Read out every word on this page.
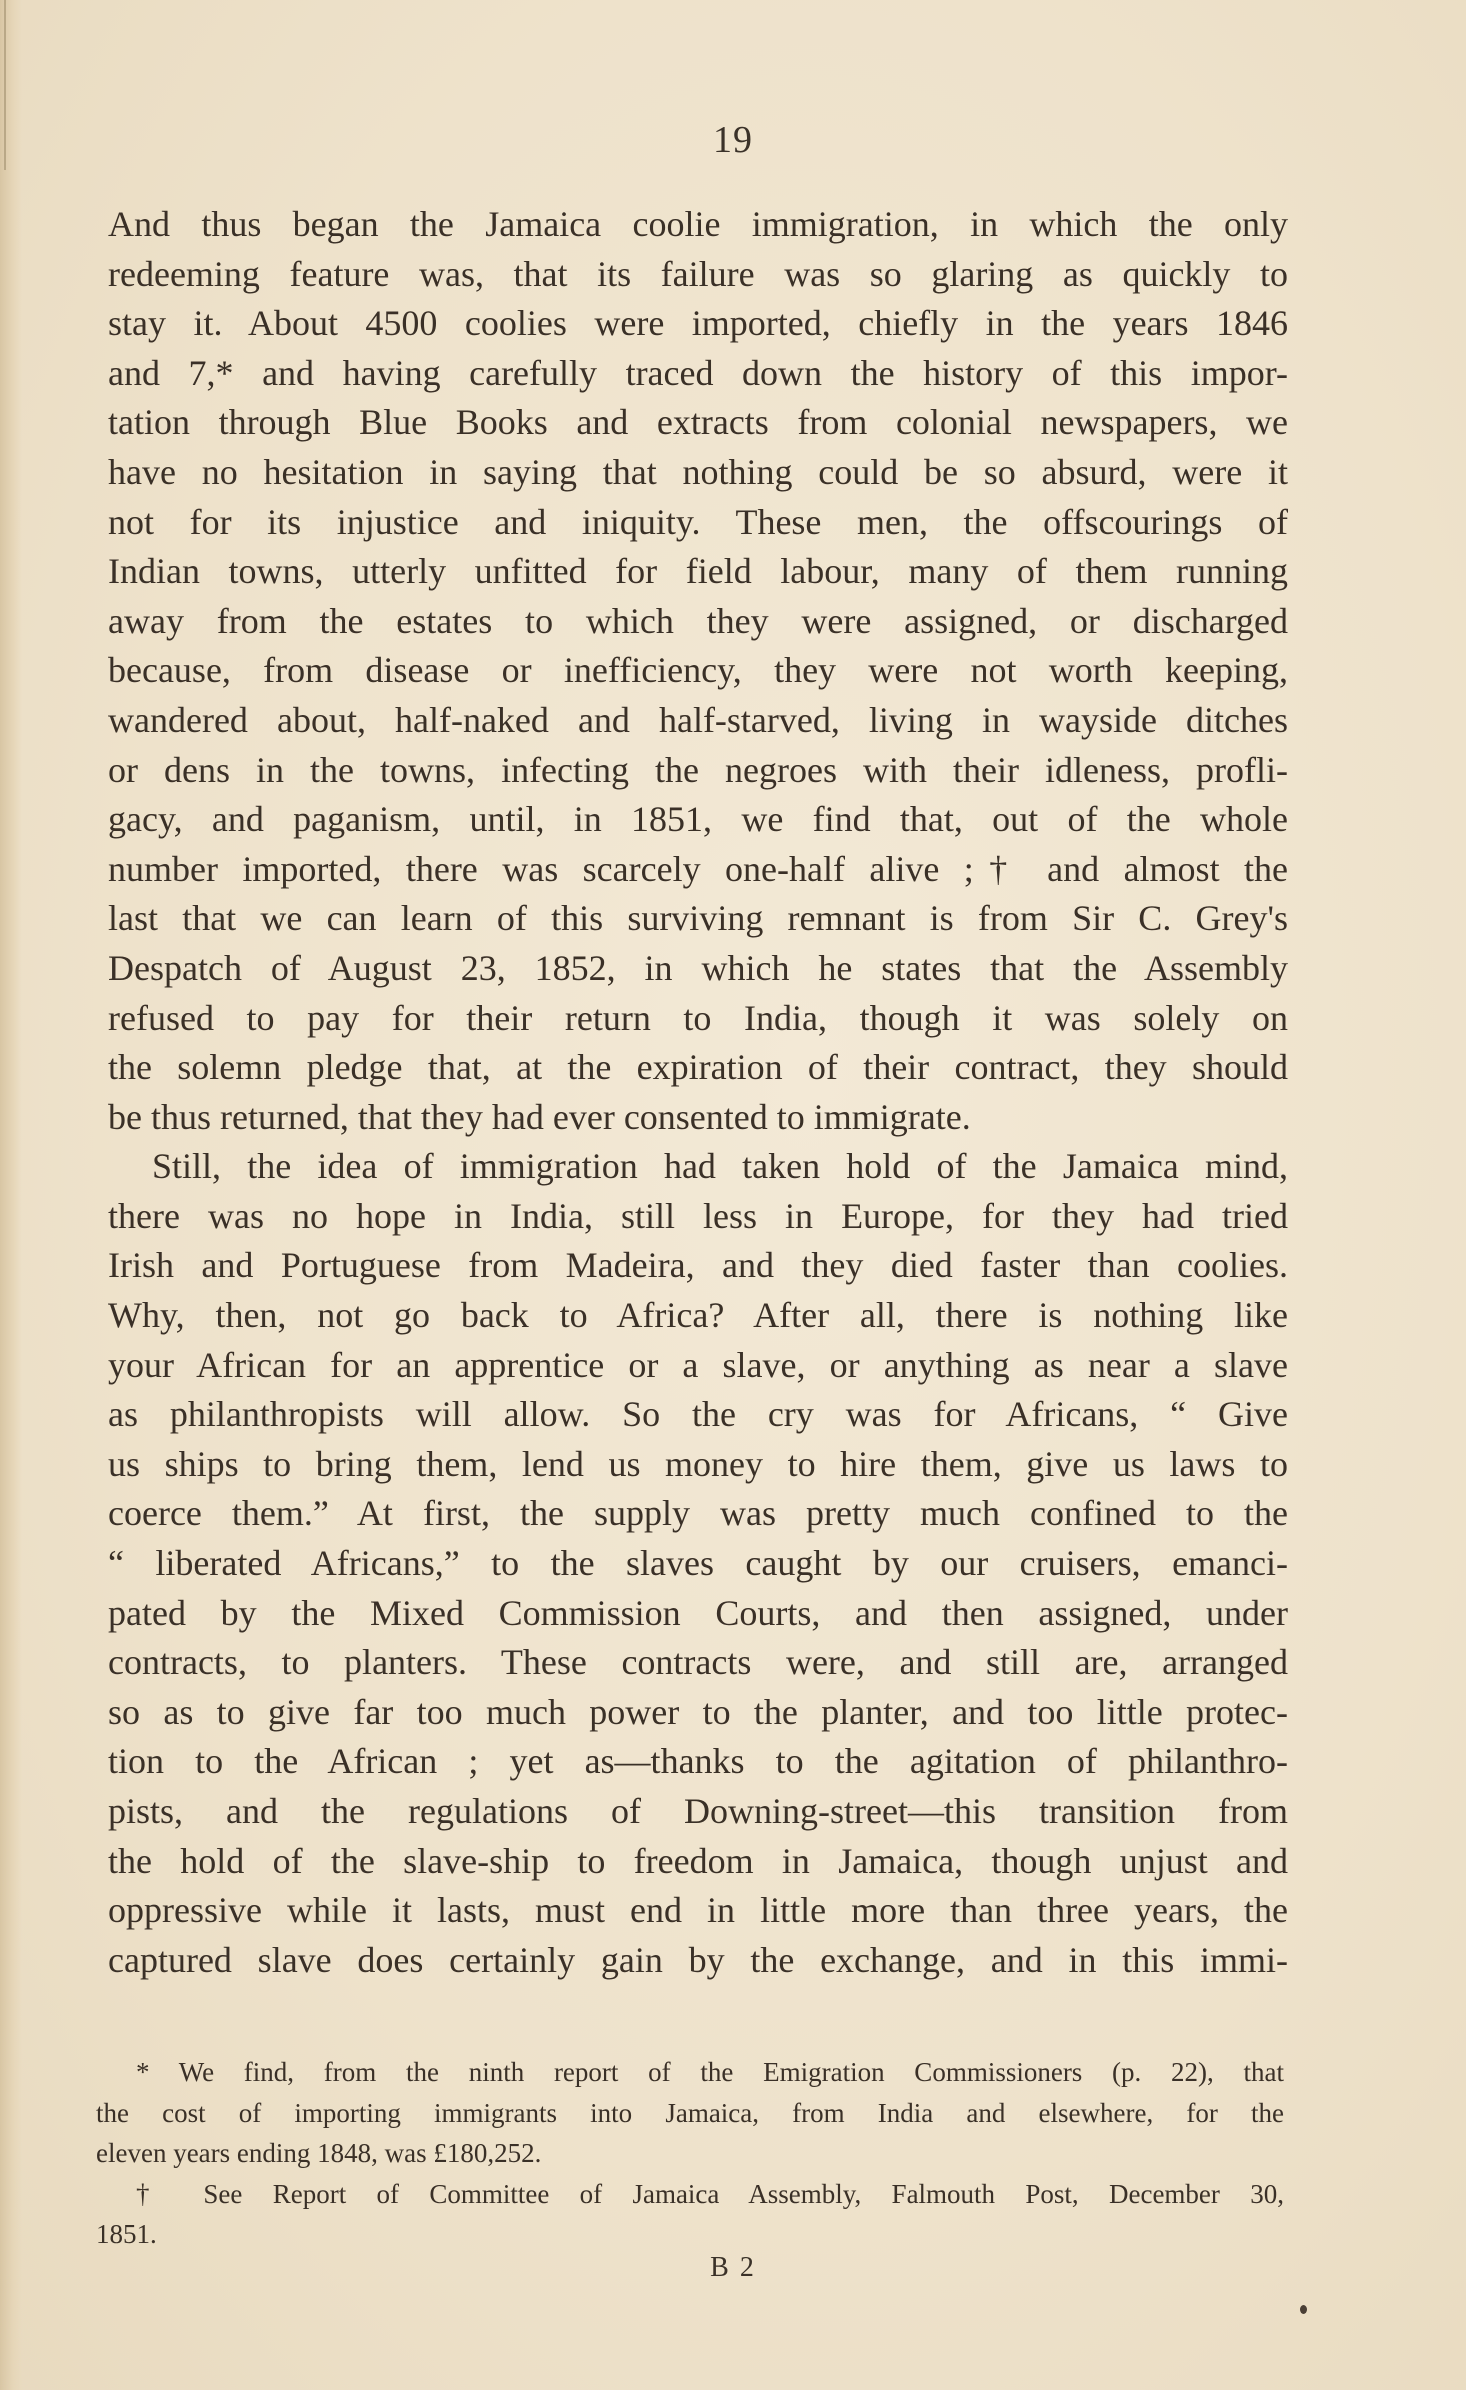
19
And thus began the Jamaica coolie immigration, in which the only
redeeming feature was, that its failure was so glaring as quickly to
stay it. About 4500 coolies were imported, chiefly in the years 1846
and 7,* and having carefully traced down the history of this impor-
tation through Blue Books and extracts from colonial newspapers, we
have no hesitation in saying that nothing could be so absurd, were it
not for its injustice and iniquity. These men, the offscourings of
Indian towns, utterly unfitted for field labour, many of them running
away from the estates to which they were assigned, or discharged
because, from disease or inefficiency, they were not worth keeping,
wandered about, half-naked and half-starved, living in wayside ditches
or dens in the towns, infecting the negroes with their idleness, profli-
gacy, and paganism, until, in 1851, we find that, out of the whole
number imported, there was scarcely one-half alive ;† and almost the
last that we can learn of this surviving remnant is from Sir C. Grey's
Despatch of August 23, 1852, in which he states that the Assembly
refused to pay for their return to India, though it was solely on
the solemn pledge that, at the expiration of their contract, they should
be thus returned, that they had ever consented to immigrate.
Still, the idea of immigration had taken hold of the Jamaica mind,
there was no hope in India, still less in Europe, for they had tried
Irish and Portuguese from Madeira, and they died faster than coolies.
Why, then, not go back to Africa? After all, there is nothing like
your African for an apprentice or a slave, or anything as near a slave
as philanthropists will allow. So the cry was for Africans, “ Give
us ships to bring them, lend us money to hire them, give us laws to
coerce them.” At first, the supply was pretty much confined to the
“ liberated Africans,” to the slaves caught by our cruisers, emanci-
pated by the Mixed Commission Courts, and then assigned, under
contracts, to planters. These contracts were, and still are, arranged
so as to give far too much power to the planter, and too little protec-
tion to the African ; yet as—thanks to the agitation of philanthro-
pists, and the regulations of Downing-street—this transition from
the hold of the slave-ship to freedom in Jamaica, though unjust and
oppressive while it lasts, must end in little more than three years, the
captured slave does certainly gain by the exchange, and in this immi-
* We find, from the ninth report of the Emigration Commissioners (p. 22), that
the cost of importing immigrants into Jamaica, from India and elsewhere, for the
eleven years ending 1848, was £180,252.
† See Report of Committee of Jamaica Assembly, Falmouth Post, December 30,
1851.
B 2
